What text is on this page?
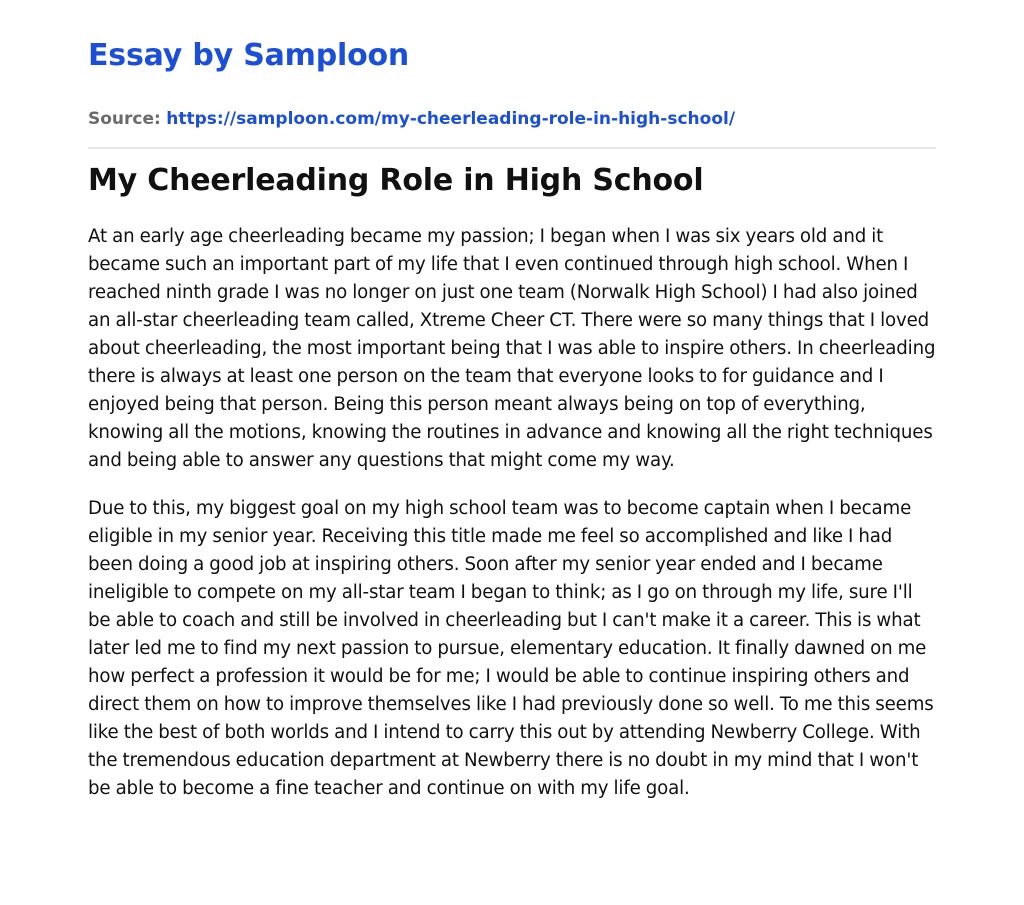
Essay by Samploon
Source: https://samploon.com/my-cheerleading-role-in-high-school/
My Cheerleading Role in High School

At an early age cheerleading became my passion; I began when I was six years old and it became such an important part of my life that I even continued through high school. When I reached ninth grade I was no longer on just one team (Norwalk High School) I had also joined an all-star cheerleading team called, Xtreme Cheer CT. There were so many things that I loved about cheerleading, the most important being that I was able to inspire others. In cheerleading there is always at least one person on the team that everyone looks to for guidance and I enjoyed being that person. Being this person meant always being on top of everything, knowing all the motions, knowing the routines in advance and knowing all the right techniques and being able to answer any questions that might come my way.

Due to this, my biggest goal on my high school team was to become captain when I became eligible in my senior year. Receiving this title made me feel so accomplished and like I had been doing a good job at inspiring others. Soon after my senior year ended and I became ineligible to compete on my all-star team I began to think; as I go on through my life, sure I'll be able to coach and still be involved in cheerleading but I can't make it a career. This is what later led me to find my next passion to pursue, elementary education. It finally dawned on me how perfect a profession it would be for me; I would be able to continue inspiring others and direct them on how to improve themselves like I had previously done so well. To me this seems like the best of both worlds and I intend to carry this out by attending Newberry College. With the tremendous education department at Newberry there is no doubt in my mind that I won't be able to become a fine teacher and continue on with my life goal.
